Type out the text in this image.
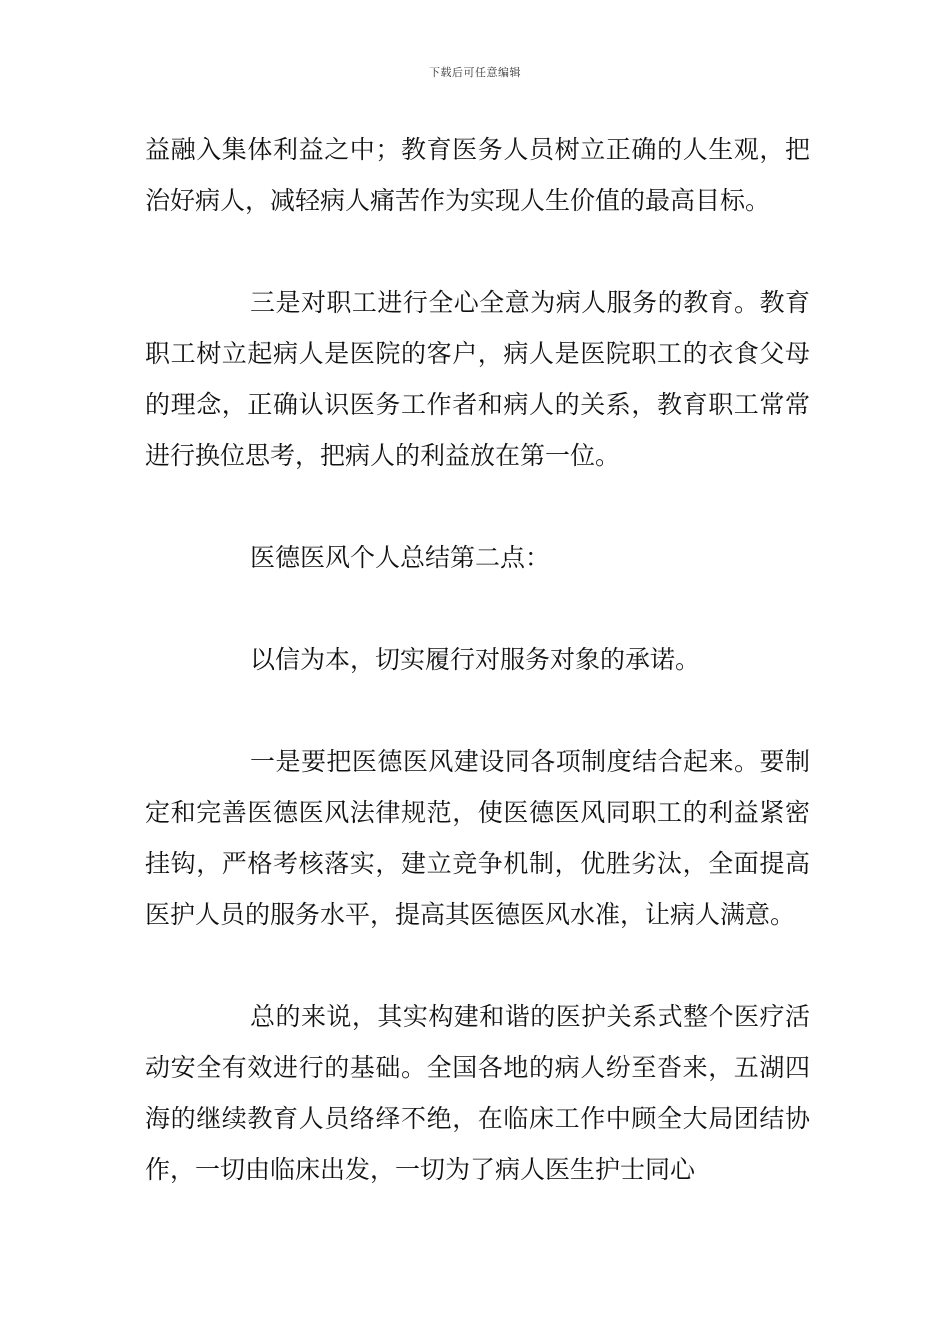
下载后可任意编辑

益融入集体利益之中；教育医务人员树立正确的人生观，把治好病人，减轻病人痛苦作为实现人生价值的最高目标。

三是对职工进行全心全意为病人服务的教育。教育职工树立起病人是医院的客户，病人是医院职工的衣食父母的理念，正确认识医务工作者和病人的关系，教育职工常常进行换位思考，把病人的利益放在第一位。

医德医风个人总结第二点：

以信为本，切实履行对服务对象的承诺。

一是要把医德医风建设同各项制度结合起来。要制定和完善医德医风法律规范，使医德医风同职工的利益紧密挂钩，严格考核落实，建立竞争机制，优胜劣汰，全面提高医护人员的服务水平，提高其医德医风水准，让病人满意。

总的来说，其实构建和谐的医护关系式整个医疗活动安全有效进行的基础。全国各地的病人纷至沓来，五湖四海的继续教育人员络绎不绝，在临床工作中顾全大局团结协作，一切由临床出发，一切为了病人医生护士同心
